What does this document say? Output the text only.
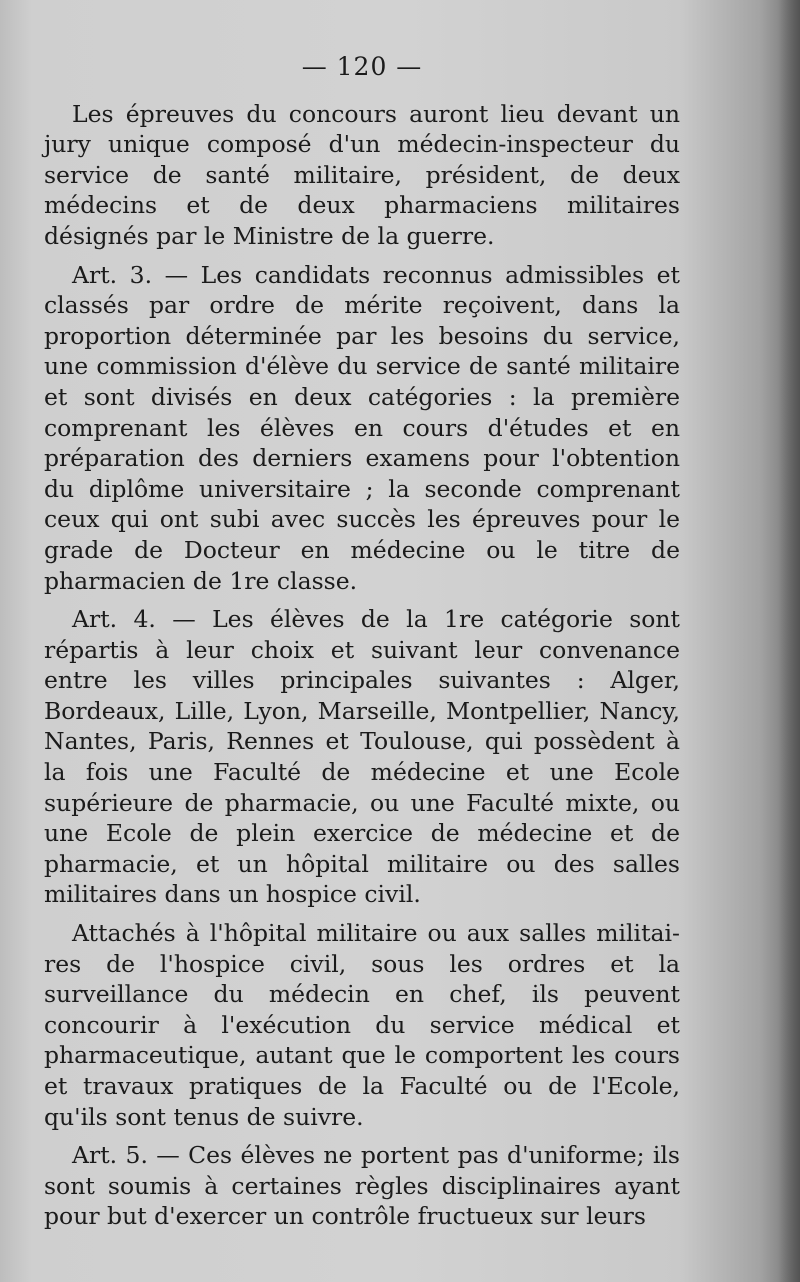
— 120 —

Les épreuves du concours auront lieu devant un jury unique composé d'un médecin-inspecteur du service de santé militaire, président, de deux médecins et de deux pharmaciens militaires désignés par le Ministre de la guerre.

Art. 3. — Les candidats reconnus admissibles et classés par ordre de mérite reçoivent, dans la proportion déterminée par les besoins du service, une commission d'élève du service de santé militaire et sont divisés en deux catégories : la première comprenant les élèves en cours d'études et en préparation des derniers examens pour l'obtention du diplôme universitaire ; la seconde comprenant ceux qui ont subi avec succès les épreuves pour le grade de Docteur en médecine ou le titre de pharmacien de 1re classe.

Art. 4. — Les élèves de la 1re catégorie sont répartis à leur choix et suivant leur convenance entre les villes principales suivantes : Alger, Bordeaux, Lille, Lyon, Marseille, Montpellier, Nancy, Nantes, Paris, Rennes et Toulouse, qui possèdent à la fois une Faculté de médecine et une Ecole supérieure de pharmacie, ou une Faculté mixte, ou une Ecole de plein exercice de médecine et de pharmacie, et un hôpital militaire ou des salles militaires dans un hospice civil.

Attachés à l'hôpital militaire ou aux salles militaires de l'hospice civil, sous les ordres et la surveillance du médecin en chef, ils peuvent concourir à l'exécution du service médical et pharmaceutique, autant que le comportent les cours et travaux pratiques de la Faculté ou de l'Ecole, qu'ils sont tenus de suivre.

Art. 5. — Ces élèves ne portent pas d'uniforme; ils sont soumis à certaines règles disciplinaires ayant pour but d'exercer un contrôle fructueux sur leurs
